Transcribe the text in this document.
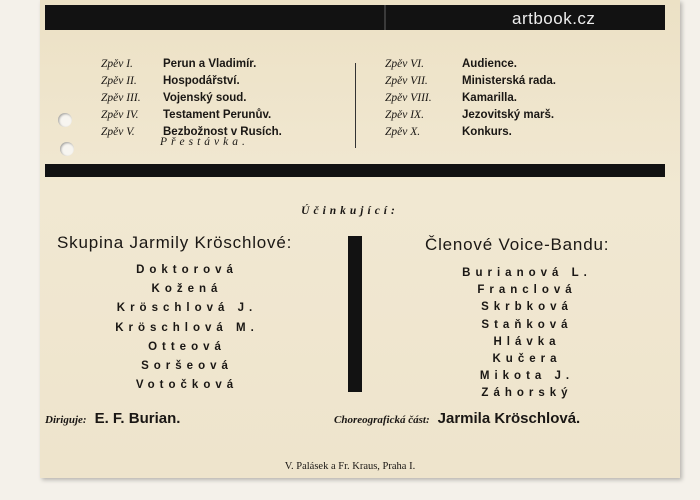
artbook.cz
Zpěv I.	Perun a Vladimír.
Zpěv II. Hospodářství.
Zpěv III. Vojenský soud.
Zpěv IV. Testament Perunův.
Zpěv V. Bezbožnost v Rusích.
Přestávka.
Zpěv VI.	Audience.
Zpěv VII.	Ministerská rada.
Zpěv VIII.	Kamarilla.
Zpěv IX.	Jezovitský marš.
Zpěv X.	Konkurs.
Účinkující:
Skupina Jarmily Kröschlové:	Členové Voice-Bandu:
Doktorová
Kožená
Kröschlová J.
Kröschlová M.
Otteová
Soršeová
Votočková
Burianová L.
Franclová
Skrbková
Staňková
Hlávka
Kučera
Mikota J.
Záhorský
Diriguje: E. F. Burian.	Choreografická část: Jarmila Kröschlová.
V. Palásek a Fr. Kraus, Praha I.
